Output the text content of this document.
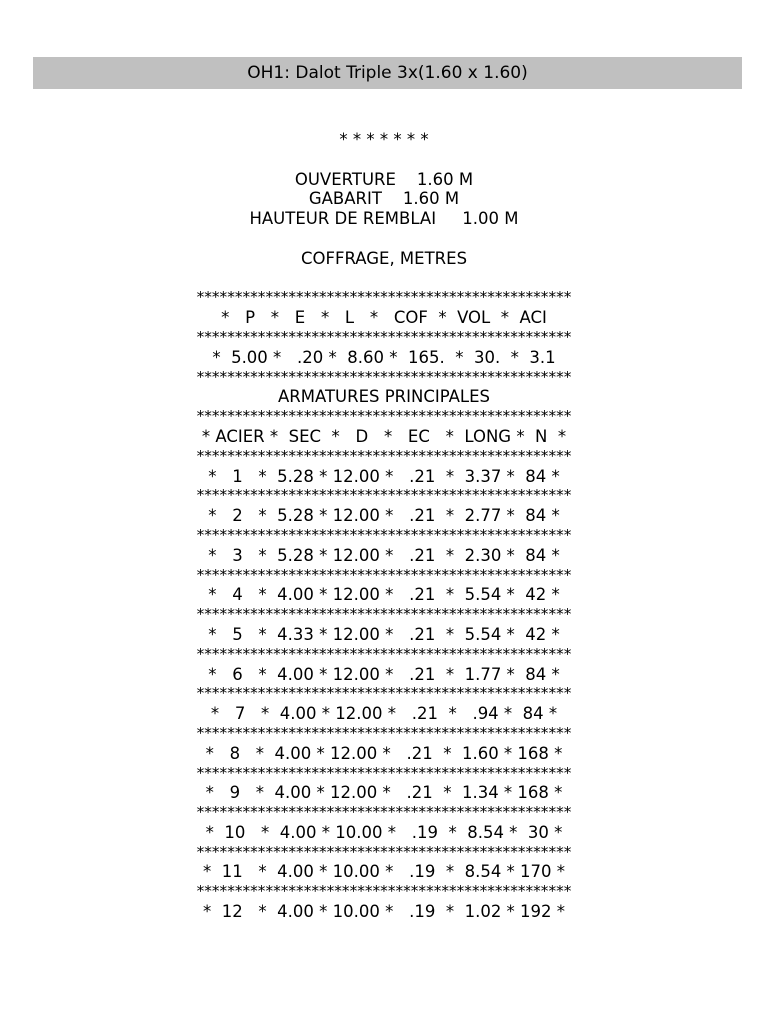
OH1: Dalot Triple 3x(1.60 x 1.60)
* * * * * * *
OUVERTURE    1.60 M
GABARIT    1.60 M
HAUTEUR DE REMBLAI     1.00 M
COFFRAGE, METRES
*************************************************
*   P   *   E   *   L   *   COF  *  VOL  *  ACI
*************************************************
*  5.00 *   .20 *  8.60 *  165.  *  30.  *  3.1
*************************************************
ARMATURES PRINCIPALES
*************************************************
* ACIER *  SEC  *   D   *   EC   *  LONG *  N  *
*************************************************
*   1   *  5.28 * 12.00 *   .21  *  3.37 *  84 *
*************************************************
*   2   *  5.28 * 12.00 *   .21  *  2.77 *  84 *
*************************************************
*   3   *  5.28 * 12.00 *   .21  *  2.30 *  84 *
*************************************************
*   4   *  4.00 * 12.00 *   .21  *  5.54 *  42 *
*************************************************
*   5   *  4.33 * 12.00 *   .21  *  5.54 *  42 *
*************************************************
*   6   *  4.00 * 12.00 *   .21  *  1.77 *  84 *
*************************************************
*   7   *  4.00 * 12.00 *   .21  *   .94 *  84 *
*************************************************
*   8   *  4.00 * 12.00 *   .21  *  1.60 * 168 *
*************************************************
*   9   *  4.00 * 12.00 *   .21  *  1.34 * 168 *
*************************************************
*  10   *  4.00 * 10.00 *   .19  *  8.54 *  30 *
*************************************************
*  11   *  4.00 * 10.00 *   .19  *  8.54 * 170 *
*************************************************
*  12   *  4.00 * 10.00 *   .19  *  1.02 * 192 *
